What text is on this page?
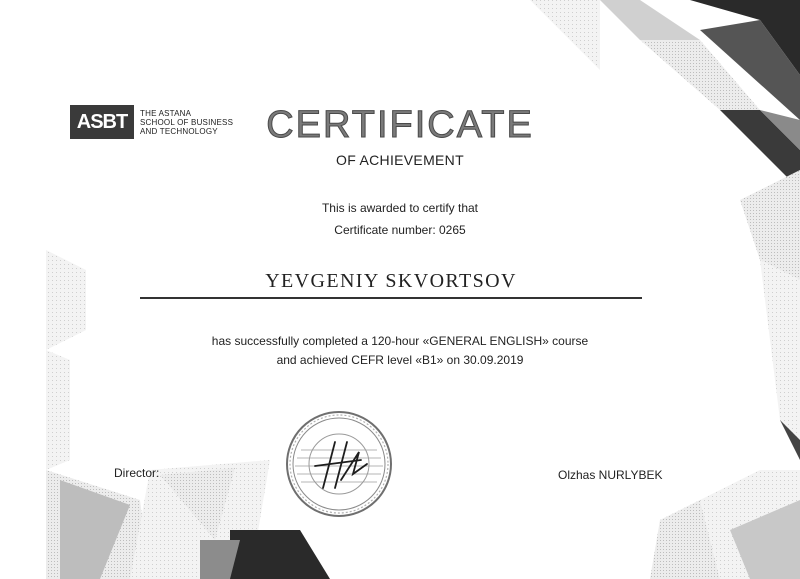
ASBT	THE ASTANA
SCHOOL OF BUSINESS
AND TECHNOLOGY	CERTIFICATE
OF ACHIEVEMENT
This is awarded to certify that
Certificate number: 0265
YEVGENIY SKVORTSOV
has successfully completed a 120-hour «GENERAL ENGLISH» course
and achieved CEFR level «B1» on 30.09.2019
Director:	Olzhas NURLYBEK
